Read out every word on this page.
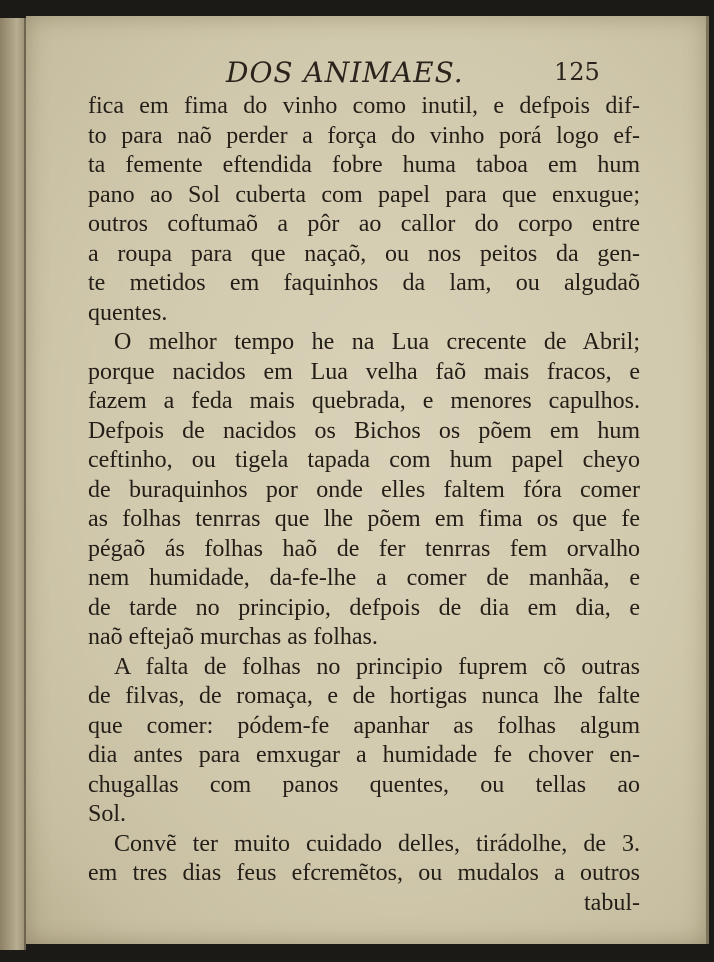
DOS ANIMAES.	125
fica em fima do vinho como inutil, e defpois dif-
to para naõ perder a força do vinho porá logo ef-
ta femente eftendida fobre huma taboa em hum
pano ao Sol cuberta com papel para que enxugue;
outros coftumaõ a pôr ao callor do corpo entre
a roupa para que naçaõ, ou nos peitos da gen-
te metidos em faquinhos da lam, ou algudaõ
quentes.
O melhor tempo he na Lua crecente de Abril;
porque nacidos em Lua velha faõ mais fracos, e
fazem a feda mais quebrada, e menores capulhos.
Defpois de nacidos os Bichos os põem em hum
ceftinho, ou tigela tapada com hum papel cheyo
de buraquinhos por onde elles faltem fóra comer
as folhas tenrras que lhe põem em fima os que fe
pégaõ ás folhas haõ de fer tenrras fem orvalho
nem humidade, da-fe-lhe a comer de manhãa, e
de tarde no principio, defpois de dia em dia, e
naõ eftejaõ murchas as folhas.
A falta de folhas no principio fuprem cõ outras
de filvas, de romaça, e de hortigas nunca lhe falte
que comer: pódem-fe apanhar as folhas algum
dia antes para emxugar a humidade fe chover en-
chugallas com panos quentes, ou tellas ao
Sol.
Convẽ ter muito cuidado delles, tirádolhe, de 3.
em tres dias feus efcremẽtos, ou mudalos a outros
tabul-
